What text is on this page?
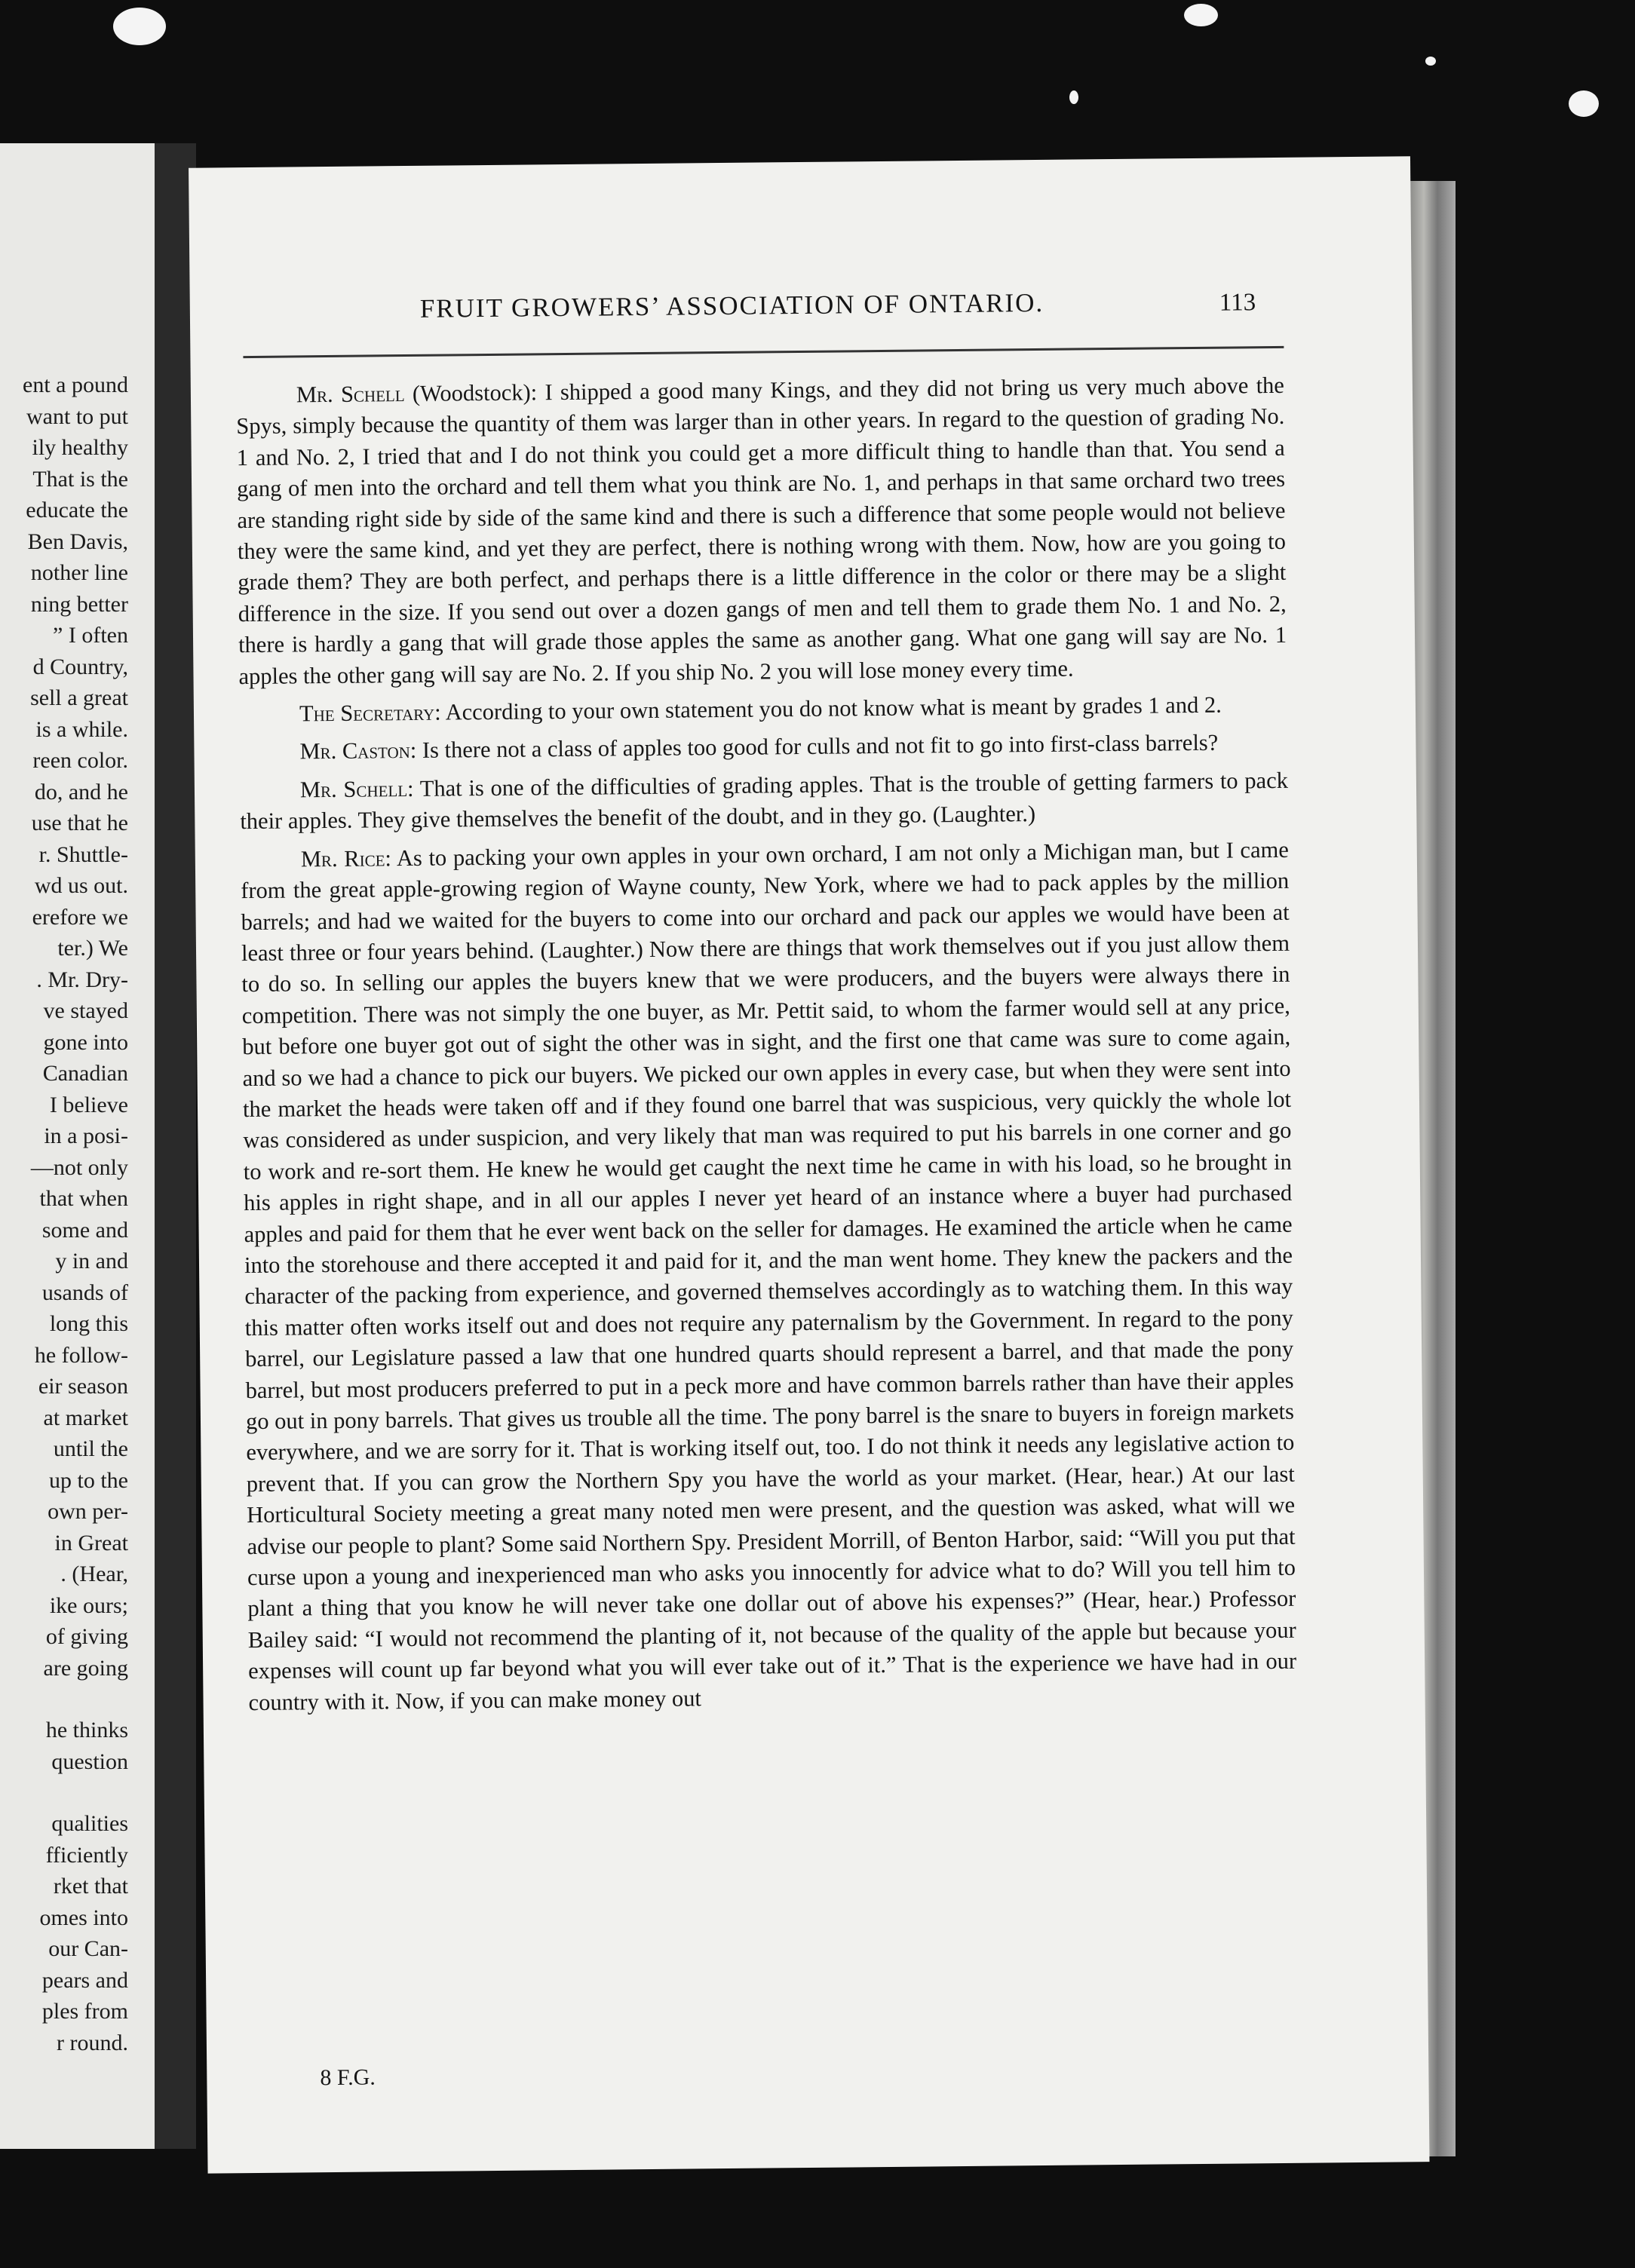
ent a pound
want to put
ily healthy
That is the
educate the
Ben Davis,
nother line
ning better
” I often
d Country,
sell a great
is a while.
reen color.
do, and he
use that he
r. Shuttle-
wd us out.
erefore we
ter.) We
. Mr. Dry-
ve stayed
gone into
Canadian
I believe
in a posi-
—not only
that when
some and
y in and
usands of
long this
he follow-
eir season
at market
until the
up to the
own per-
in Great
. (Hear,
ike ours;
of giving
are going
he thinks
question
qualities
fficiently
rket that
omes into
our Can-
pears and
ples from
r round.
FRUIT GROWERS’ ASSOCIATION OF ONTARIO.	113

Mr. Schell (Woodstock): I shipped a good many Kings, and they did not bring us very much above the Spys, simply because the quantity of them was larger than in other years. In regard to the question of grading No. 1 and No. 2, I tried that and I do not think you could get a more difficult thing to handle than that. You send a gang of men into the orchard and tell them what you think are No. 1, and perhaps in that same orchard two trees are standing right side by side of the same kind and there is such a difference that some people would not believe they were the same kind, and yet they are perfect, there is nothing wrong with them. Now, how are you going to grade them? They are both perfect, and perhaps there is a little difference in the color or there may be a slight difference in the size. If you send out over a dozen gangs of men and tell them to grade them No. 1 and No. 2, there is hardly a gang that will grade those apples the same as another gang. What one gang will say are No. 1 apples the other gang will say are No. 2. If you ship No. 2 you will lose money every time.

The Secretary: According to your own statement you do not know what is meant by grades 1 and 2.

Mr. Caston: Is there not a class of apples too good for culls and not fit to go into first-class barrels?

Mr. Schell: That is one of the difficulties of grading apples. That is the trouble of getting farmers to pack their apples. They give themselves the benefit of the doubt, and in they go. (Laughter.)

Mr. Rice: As to packing your own apples in your own orchard, I am not only a Michigan man, but I came from the great apple-growing region of Wayne county, New York, where we had to pack apples by the million barrels; and had we waited for the buyers to come into our orchard and pack our apples we would have been at least three or four years behind. (Laughter.) Now there are things that work themselves out if you just allow them to do so. In selling our apples the buyers knew that we were producers, and the buyers were always there in competition. There was not simply the one buyer, as Mr. Pettit said, to whom the farmer would sell at any price, but before one buyer got out of sight the other was in sight, and the first one that came was sure to come again, and so we had a chance to pick our buyers. We picked our own apples in every case, but when they were sent into the market the heads were taken off and if they found one barrel that was suspicious, very quickly the whole lot was considered as under suspicion, and very likely that man was required to put his barrels in one corner and go to work and re-sort them. He knew he would get caught the next time he came in with his load, so he brought in his apples in right shape, and in all our apples I never yet heard of an instance where a buyer had purchased apples and paid for them that he ever went back on the seller for damages. He examined the article when he came into the storehouse and there accepted it and paid for it, and the man went home. They knew the packers and the character of the packing from experience, and governed themselves accordingly as to watching them. In this way this matter often works itself out and does not require any paternalism by the Government. In regard to the pony barrel, our Legislature passed a law that one hundred quarts should represent a barrel, and that made the pony barrel, but most producers preferred to put in a peck more and have common barrels rather than have their apples go out in pony barrels. That gives us trouble all the time. The pony barrel is the snare to buyers in foreign markets everywhere, and we are sorry for it. That is working itself out, too. I do not think it needs any legislative action to prevent that. If you can grow the Northern Spy you have the world as your market. (Hear, hear.) At our last Horticultural Society meeting a great many noted men were present, and the question was asked, what will we advise our people to plant? Some said Northern Spy. President Morrill, of Benton Harbor, said: “Will you put that curse upon a young and inexperienced man who asks you innocently for advice what to do? Will you tell him to plant a thing that you know he will never take one dollar out of above his expenses?” (Hear, hear.) Professor Bailey said: “I would not recommend the planting of it, not because of the quality of the apple but because your expenses will count up far beyond what you will ever take out of it.” That is the experience we have had in our country with it. Now, if you can make money out

8 F.G.
